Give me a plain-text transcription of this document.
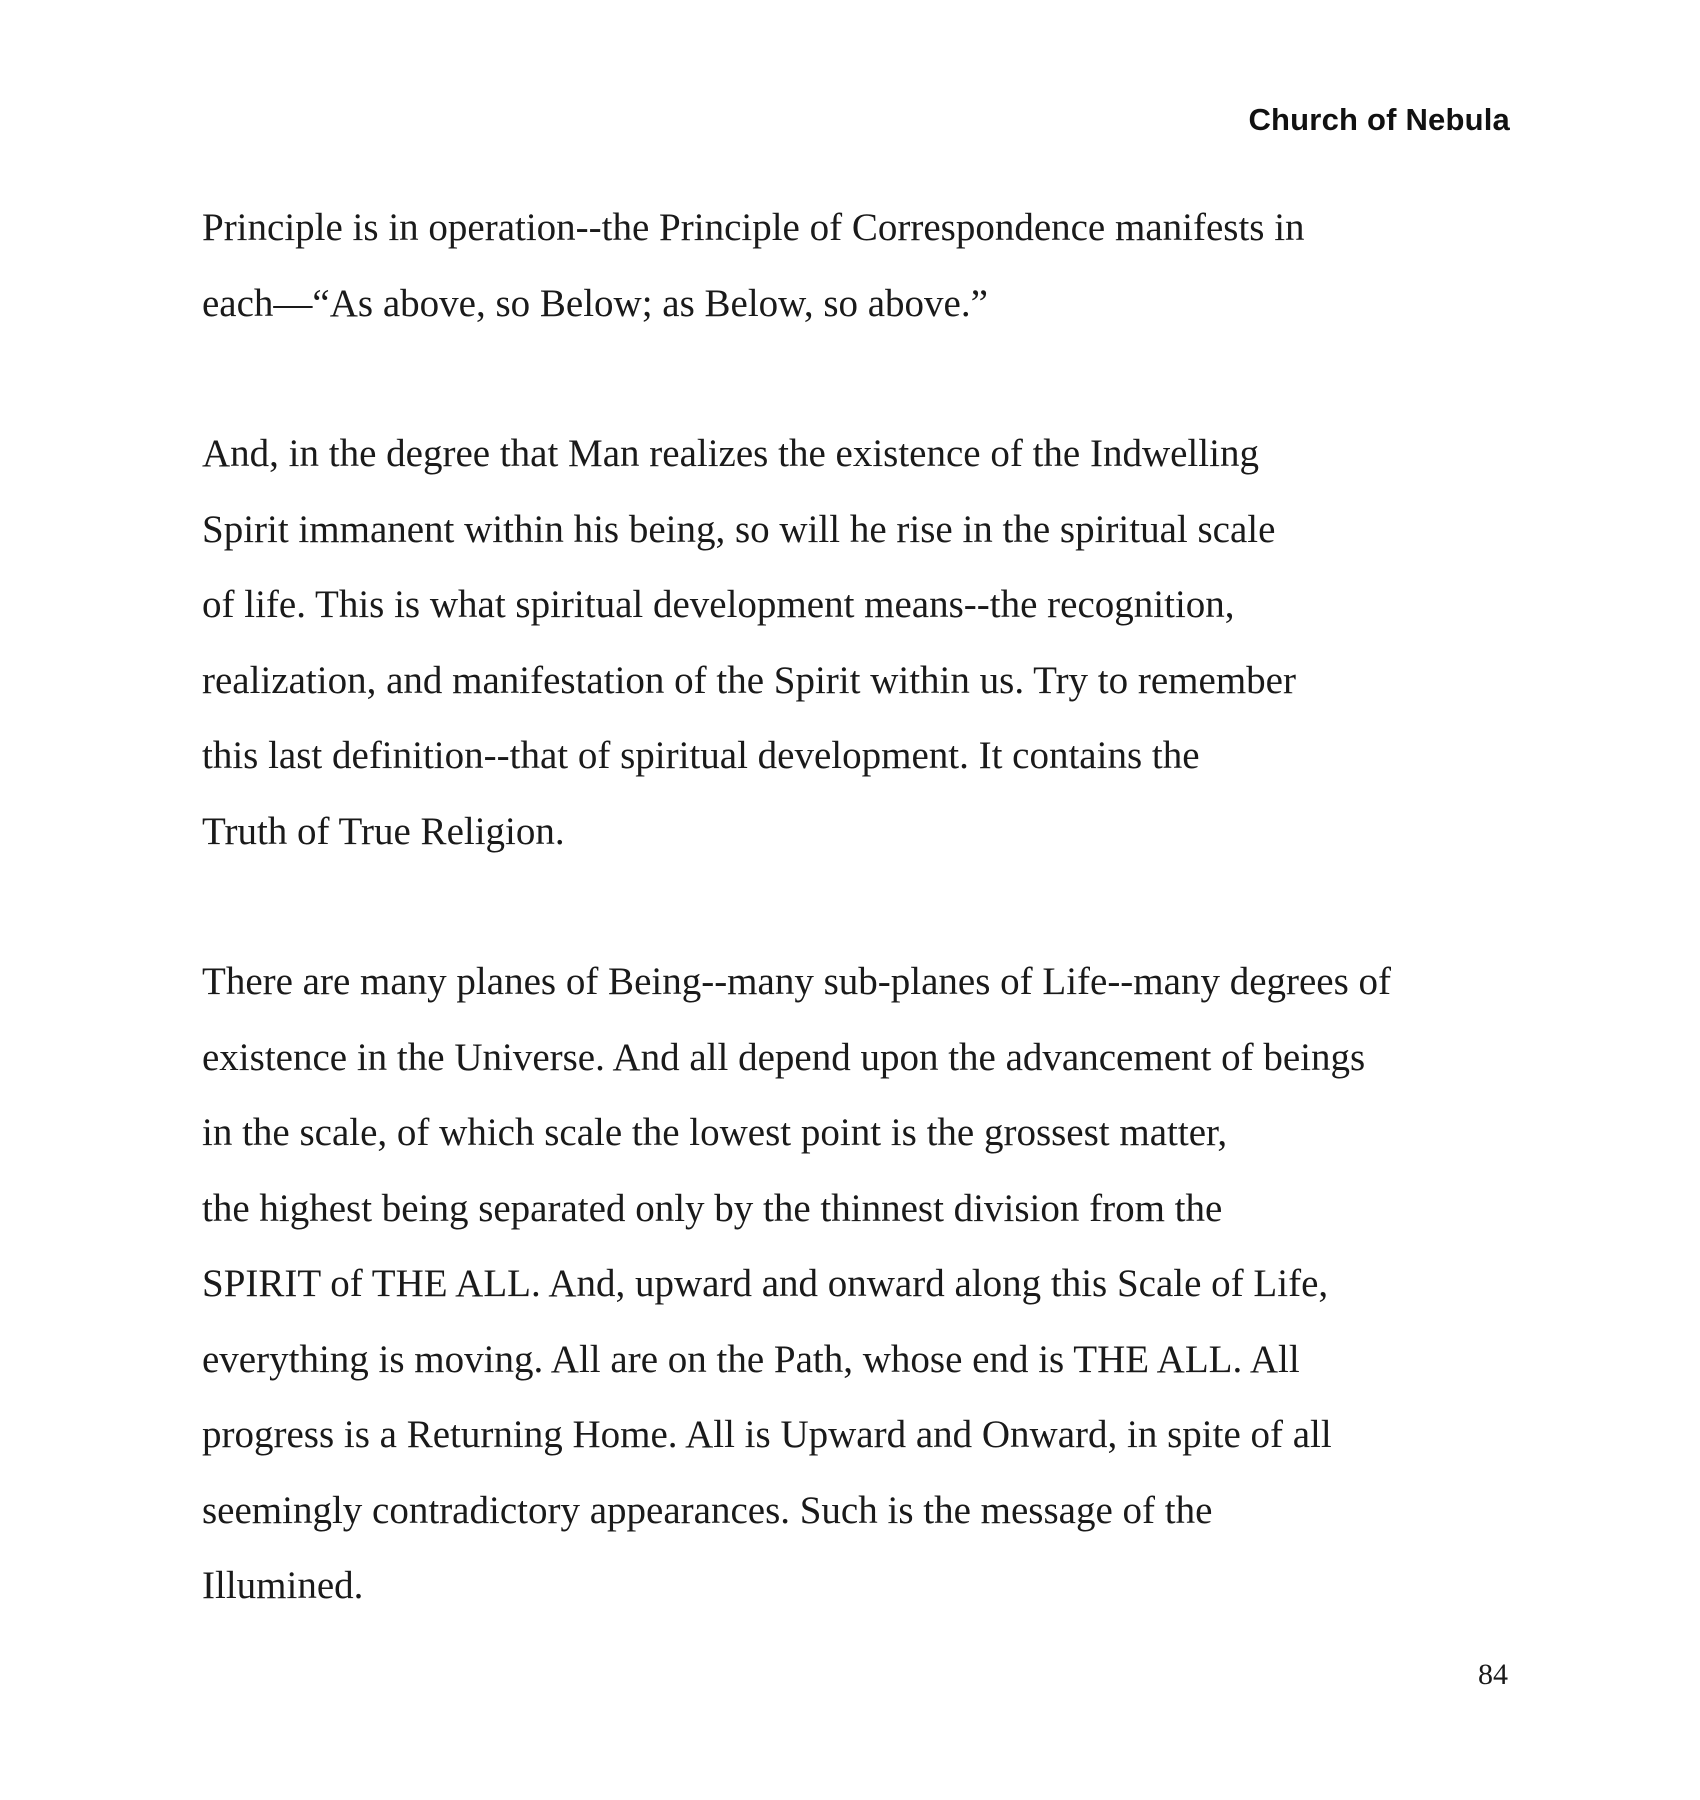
Church of Nebula

Principle is in operation--the Principle of Correspondence manifests in
each—“As above, so Below; as Below, so above.”

And, in the degree that Man realizes the existence of the Indwelling
Spirit immanent within his being, so will he rise in the spiritual scale
of life. This is what spiritual development means--the recognition,
realization, and manifestation of the Spirit within us. Try to remember
this last definition--that of spiritual development. It contains the
Truth of True Religion.

There are many planes of Being--many sub-planes of Life--many degrees of
existence in the Universe. And all depend upon the advancement of beings
in the scale, of which scale the lowest point is the grossest matter,
the highest being separated only by the thinnest division from the
SPIRIT of THE ALL. And, upward and onward along this Scale of Life,
everything is moving. All are on the Path, whose end is THE ALL. All
progress is a Returning Home. All is Upward and Onward, in spite of all
seemingly contradictory appearances. Such is the message of the
Illumined.

84
